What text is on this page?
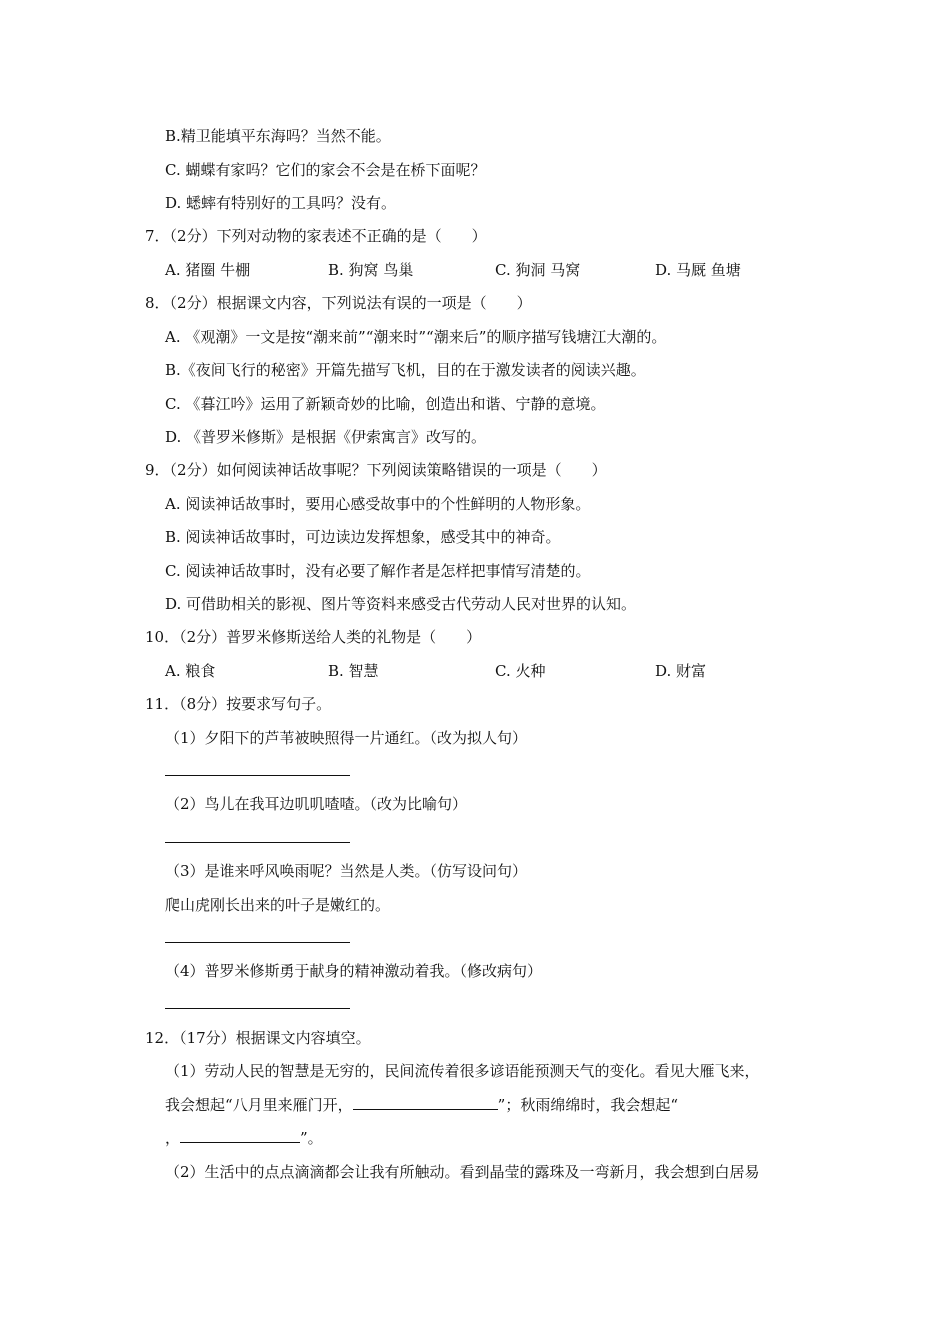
B.精卫能填平东海吗？当然不能。
C. 蝴蝶有家吗？它们的家会不会是在桥下面呢？
D. 蟋蟀有特别好的工具吗？没有。
7．（2分）下列对动物的家表述不正确的是（　　）
A. 猪圈 牛棚	B. 狗窝 鸟巢	C. 狗洞 马窝	D. 马厩 鱼塘
8．（2分）根据课文内容，下列说法有误的一项是（　　）
A. 《观潮》一文是按“潮来前”“潮来时”“潮来后”的顺序描写钱塘江大潮的。
B.《夜间飞行的秘密》开篇先描写飞机，目的在于激发读者的阅读兴趣。
C. 《暮江吟》运用了新颖奇妙的比喻，创造出和谐、宁静的意境。
D. 《普罗米修斯》是根据《伊索寓言》改写的。
9．（2分）如何阅读神话故事呢？下列阅读策略错误的一项是（　　）
A. 阅读神话故事时，要用心感受故事中的个性鲜明的人物形象。
B. 阅读神话故事时，可边读边发挥想象，感受其中的神奇。
C. 阅读神话故事时，没有必要了解作者是怎样把事情写清楚的。
D. 可借助相关的影视、图片等资料来感受古代劳动人民对世界的认知。
10．（2分）普罗米修斯送给人类的礼物是（　　）
A. 粮食	B. 智慧	C. 火种	D. 财富
11．（8分）按要求写句子。
（1）夕阳下的芦苇被映照得一片通红。（改为拟人句）
（2）鸟儿在我耳边叽叽喳喳。（改为比喻句）
（3）是谁来呼风唤雨呢？当然是人类。（仿写设问句）
爬山虎刚长出来的叶子是嫩红的。
（4）普罗米修斯勇于献身的精神激动着我。（修改病句）
12．（17分）根据课文内容填空。
（1）劳动人民的智慧是无穷的，民间流传着很多谚语能预测天气的变化。看见大雁飞来，
我会想起“八月里来雁门开，	”；秋雨绵绵时，我会想起“
，	”。
（2）生活中的点点滴滴都会让我有所触动。看到晶莹的露珠及一弯新月，我会想到白居易
